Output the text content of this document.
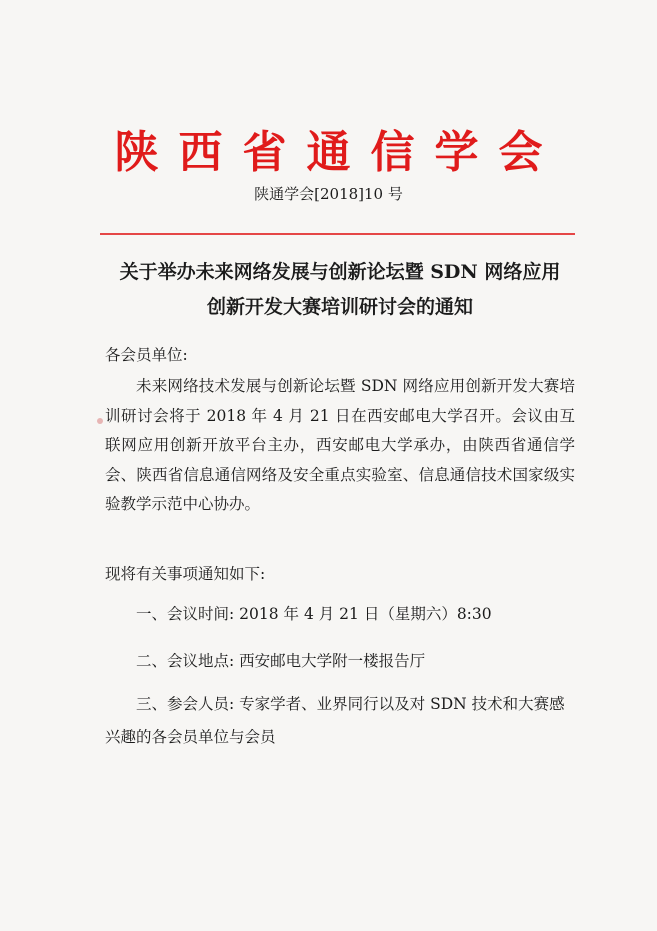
陕西省通信学会
陕通学会[2018]10 号
关于举办未来网络发展与创新论坛暨 SDN 网络应用
创新开发大赛培训研讨会的通知
各会员单位:
未来网络技术发展与创新论坛暨 SDN 网络应用创新开发大赛培训研讨会将于 2018 年 4 月 21 日在西安邮电大学召开。会议由互联网应用创新开放平台主办，西安邮电大学承办，由陕西省通信学会、陕西省信息通信网络及安全重点实验室、信息通信技术国家级实验教学示范中心协办。
现将有关事项通知如下:
一、会议时间: 2018 年 4 月 21 日（星期六）8:30
二、会议地点: 西安邮电大学附一楼报告厅
三、参会人员: 专家学者、业界同行以及对 SDN 技术和大赛感兴趣的各会员单位与会员
